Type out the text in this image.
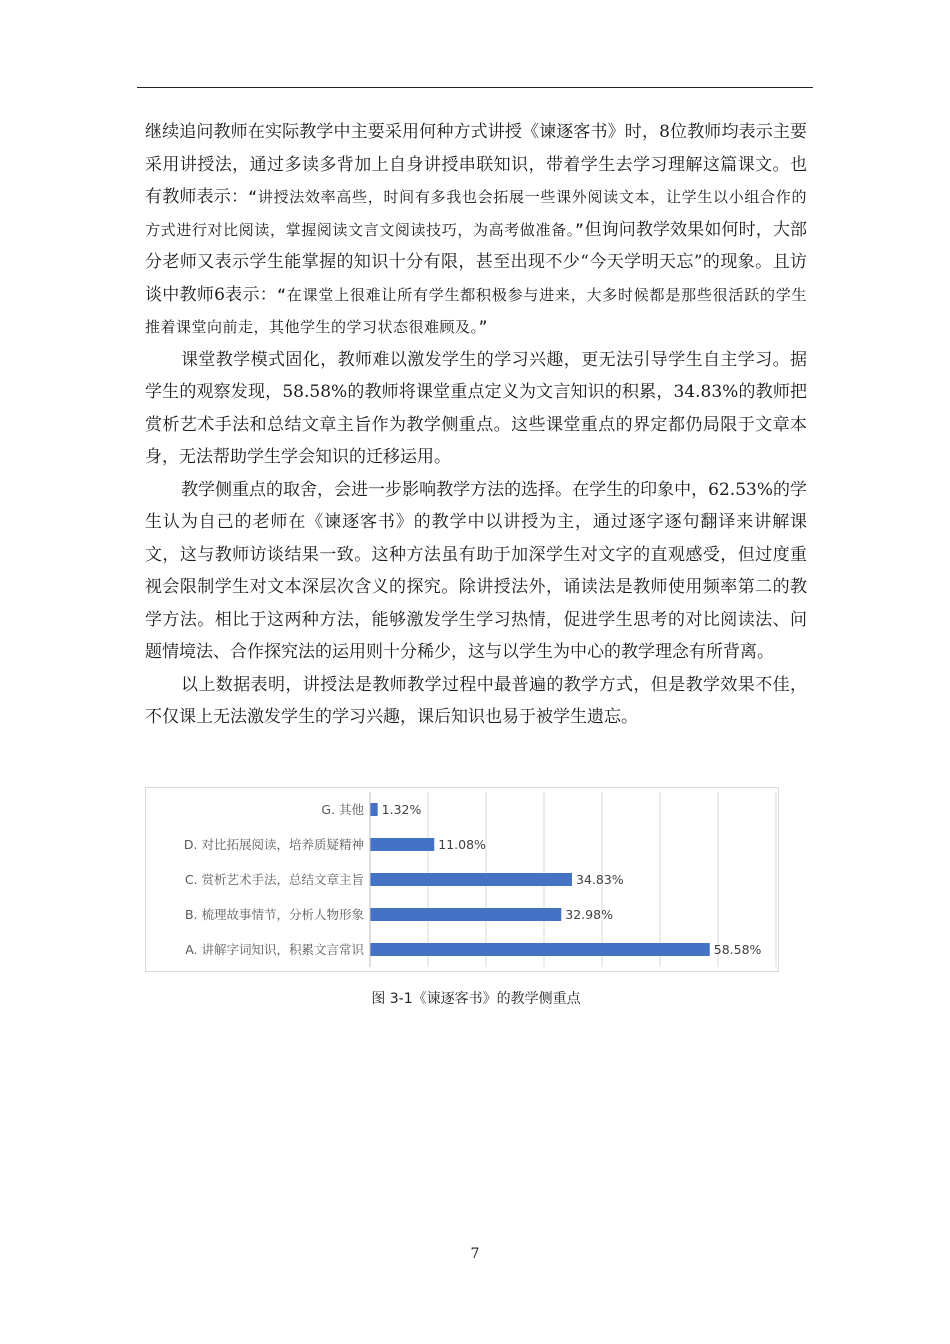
继续追问教师在实际教学中主要采用何种方式讲授《谏逐客书》时，8位教师均表示主要采用讲授法，通过多读多背加上自身讲授串联知识，带着学生去学习理解这篇课文。也有教师表示：“讲授法效率高些，时间有多我也会拓展一些课外阅读文本，让学生以小组合作的方式进行对比阅读，掌握阅读文言文阅读技巧，为高考做准备。”但询问教学效果如何时，大部分老师又表示学生能掌握的知识十分有限，甚至出现不少“今天学明天忘”的现象。且访谈中教师6表示：“在课堂上很难让所有学生都积极参与进来，大多时候都是那些很活跃的学生推着课堂向前走，其他学生的学习状态很难顾及。”

课堂教学模式固化，教师难以激发学生的学习兴趣，更无法引导学生自主学习。据学生的观察发现，58.58%的教师将课堂重点定义为文言知识的积累，34.83%的教师把赏析艺术手法和总结文章主旨作为教学侧重点。这些课堂重点的界定都仍局限于文章本身，无法帮助学生学会知识的迁移运用。

教学侧重点的取舍，会进一步影响教学方法的选择。在学生的印象中，62.53%的学生认为自己的老师在《谏逐客书》的教学中以讲授为主，通过逐字逐句翻译来讲解课文，这与教师访谈结果一致。这种方法虽有助于加深学生对文字的直观感受，但过度重视会限制学生对文本深层次含义的探究。除讲授法外，诵读法是教师使用频率第二的教学方法。相比于这两种方法，能够激发学生学习热情，促进学生思考的对比阅读法、问题情境法、合作探究法的运用则十分稀少，这与以学生为中心的教学理念有所背离。

以上数据表明，讲授法是教师教学过程中最普遍的教学方式，但是教学效果不佳，不仅课上无法激发学生的学习兴趣，课后知识也易于被学生遗忘。

G. 其他 1.32%
D. 对比拓展阅读，培养质疑精神	11.08%
C. 赏析艺术手法，总结文章主旨	34.83%
B. 梳理故事情节，分析人物形象	32.98%
A. 讲解字词知识，积累文言常识	58.58%
图 3-1《谏逐客书》的教学侧重点
7
